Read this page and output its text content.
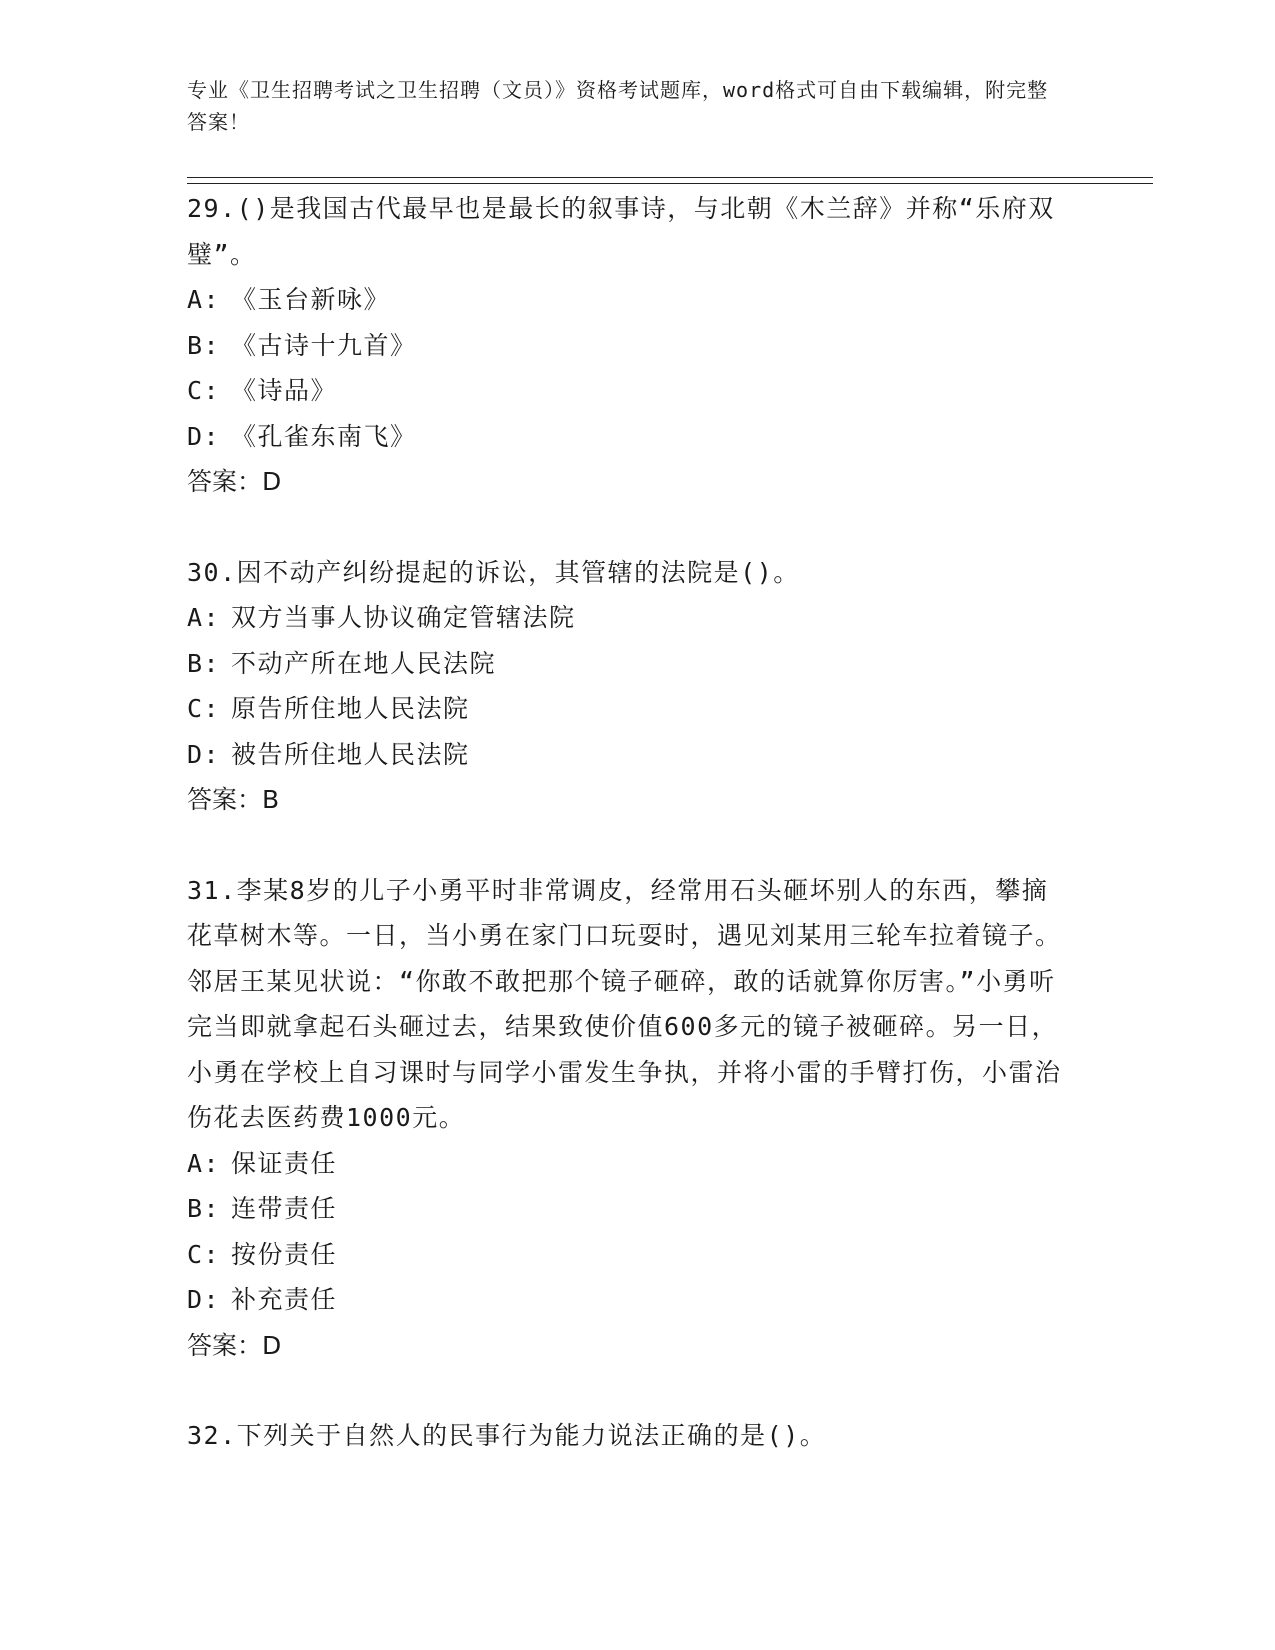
专业《卫生招聘考试之卫生招聘（文员）》资格考试题库，word格式可自由下载编辑，附完整答案！
29.()是我国古代最早也是最长的叙事诗，与北朝《木兰辞》并称“乐府双璧”。
A: 《玉台新咏》
B: 《古诗十九首》
C: 《诗品》
D: 《孔雀东南飞》
答案：D
30.因不动产纠纷提起的诉讼，其管辖的法院是()。
A: 双方当事人协议确定管辖法院
B: 不动产所在地人民法院
C: 原告所住地人民法院
D: 被告所住地人民法院
答案：B
31.李某8岁的儿子小勇平时非常调皮，经常用石头砸坏别人的东西，攀摘花草树木等。一日，当小勇在家门口玩耍时，遇见刘某用三轮车拉着镜子。邻居王某见状说：“你敢不敢把那个镜子砸碎，敢的话就算你厉害。”小勇听完当即就拿起石头砸过去，结果致使价值600多元的镜子被砸碎。另一日，小勇在学校上自习课时与同学小雷发生争执，并将小雷的手臂打伤，小雷治伤花去医药费1000元。
A: 保证责任
B: 连带责任
C: 按份责任
D: 补充责任
答案：D
32.下列关于自然人的民事行为能力说法正确的是()。
